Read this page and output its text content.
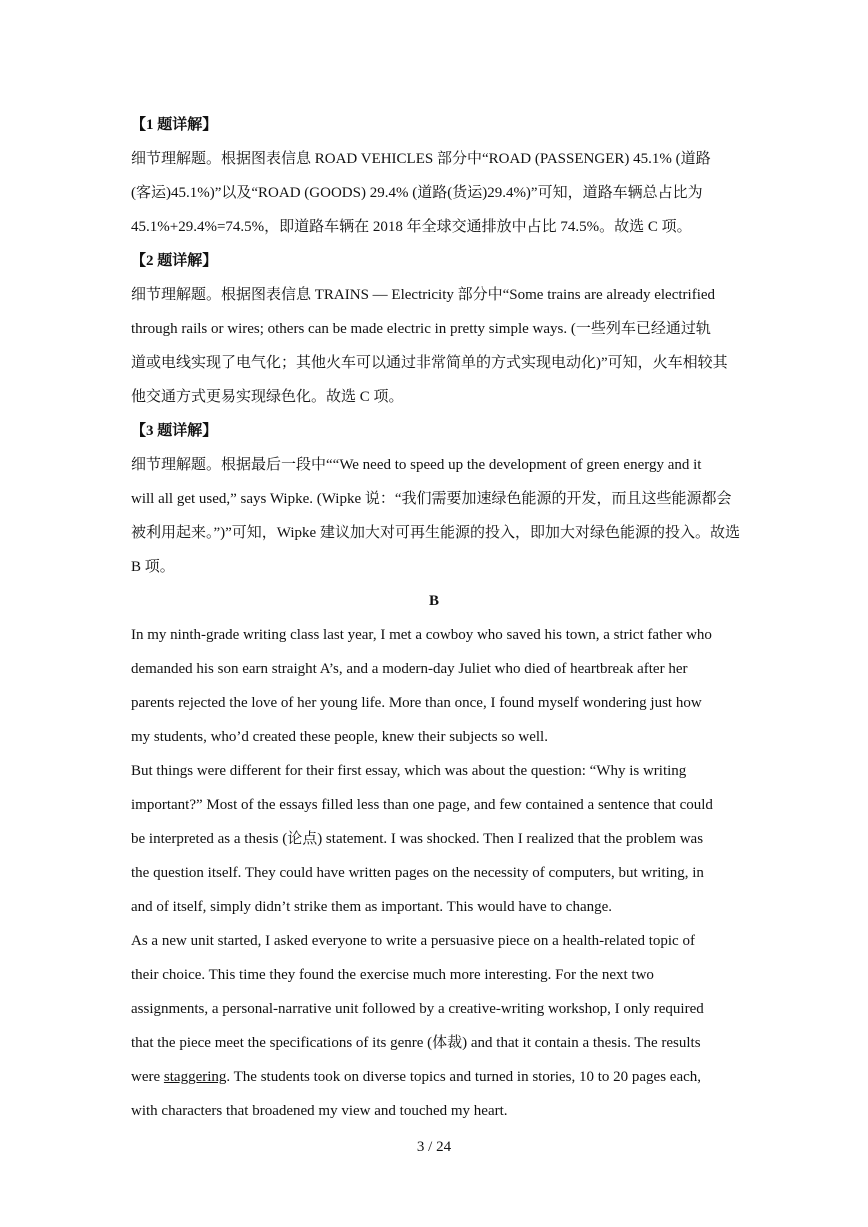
【1 题详解】
细节理解题。根据图表信息 ROAD VEHICLES 部分中“ROAD (PASSENGER) 45.1% (道路
(客运)45.1%)”以及“ROAD (GOODS) 29.4% (道路(货运)29.4%)”可知，道路车辆总占比为
45.1%+29.4%=74.5%，即道路车辆在 2018 年全球交通排放中占比 74.5%。故选 C 项。
【2 题详解】
细节理解题。根据图表信息 TRAINS — Electricity 部分中“Some trains are already electrified
through rails or wires; others can be made electric in pretty simple ways. (一些列车已经通过轨
道或电线实现了电气化；其他火车可以通过非常简单的方式实现电动化)”可知，火车相较其
他交通方式更易实现绿色化。故选 C 项。
【3 题详解】
细节理解题。根据最后一段中““We need to speed up the development of green energy and it
will all get used,” says Wipke. (Wipke 说：“我们需要加速绿色能源的开发，而且这些能源都会
被利用起来。”)”可知，Wipke 建议加大对可再生能源的投入，即加大对绿色能源的投入。故选
B 项。
B
In my ninth-grade writing class last year, I met a cowboy who saved his town, a strict father who
demanded his son earn straight A’s, and a modern-day Juliet who died of heartbreak after her
parents rejected the love of her young life. More than once, I found myself wondering just how
my students, who’d created these people, knew their subjects so well.
But things were different for their first essay, which was about the question: “Why is writing
important?” Most of the essays filled less than one page, and few contained a sentence that could
be interpreted as a thesis (论点) statement. I was shocked. Then I realized that the problem was
the question itself. They could have written pages on the necessity of computers, but writing, in
and of itself, simply didn’t strike them as important. This would have to change.
As a new unit started, I asked everyone to write a persuasive piece on a health-related topic of
their choice. This time they found the exercise much more interesting. For the next two
assignments, a personal-narrative unit followed by a creative-writing workshop, I only required
that the piece meet the specifications of its genre (体裁) and that it contain a thesis. The results
were staggering. The students took on diverse topics and turned in stories, 10 to 20 pages each,
with characters that broadened my view and touched my heart.
3 / 24
